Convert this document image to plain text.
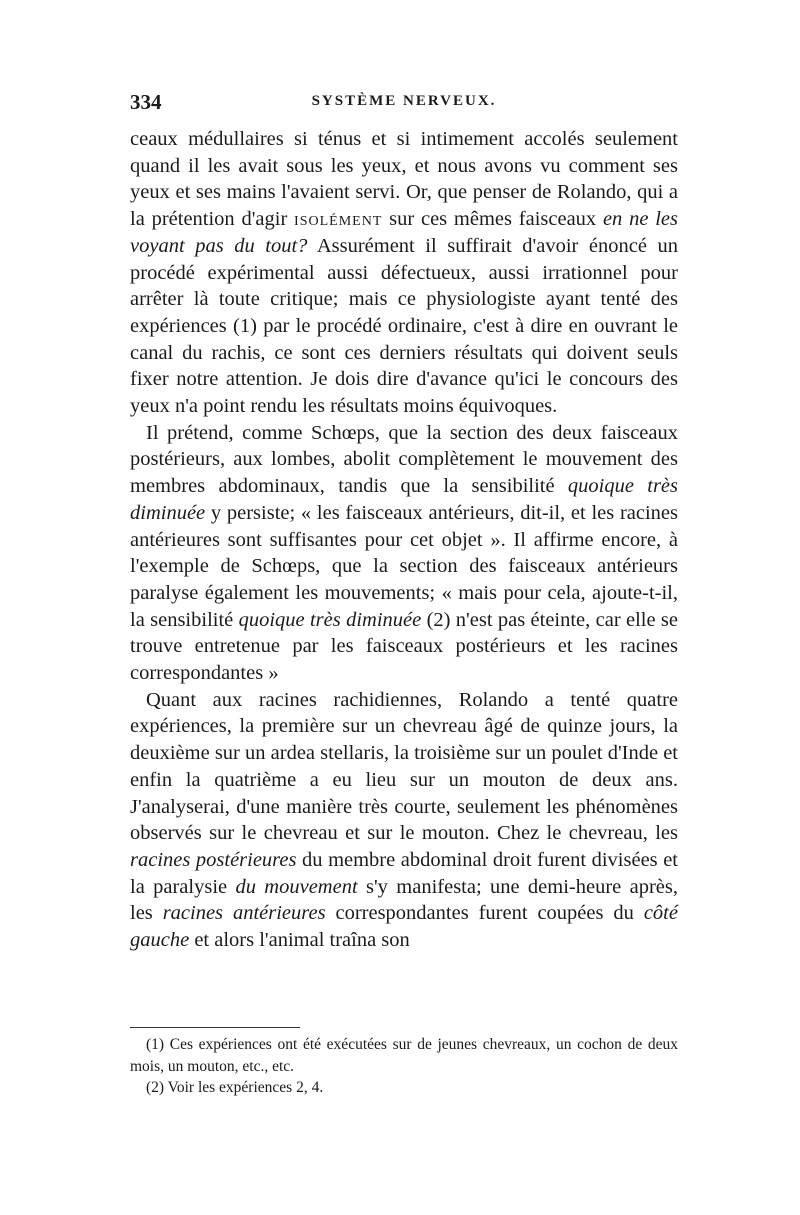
334	SYSTÈME NERVEUX.

ceaux médullaires si ténus et si intimement accolés seulement quand il les avait sous les yeux, et nous avons vu comment ses yeux et ses mains l'avaient servi. Or, que penser de Rolando, qui a la prétention d'agir isolément sur ces mêmes faisceaux en ne les voyant pas du tout? Assurément il suffirait d'avoir énoncé un procédé expérimental aussi défectueux, aussi irrationnel pour arrêter là toute critique; mais ce physiologiste ayant tenté des expériences (1) par le procédé ordinaire, c'est à dire en ouvrant le canal du rachis, ce sont ces derniers résultats qui doivent seuls fixer notre attention. Je dois dire d'avance qu'ici le concours des yeux n'a point rendu les résultats moins équivoques.

Il prétend, comme Schœps, que la section des deux faisceaux postérieurs, aux lombes, abolit complètement le mouvement des membres abdominaux, tandis que la sensibilité quoique très diminuée y persiste; « les faisceaux antérieurs, dit-il, et les racines antérieures sont suffisantes pour cet objet ». Il affirme encore, à l'exemple de Schœps, que la section des faisceaux antérieurs paralyse également les mouvements; « mais pour cela, ajoute-t-il, la sensibilité quoique très diminuée (2) n'est pas éteinte, car elle se trouve entretenue par les faisceaux postérieurs et les racines correspondantes »

Quant aux racines rachidiennes, Rolando a tenté quatre expériences, la première sur un chevreau âgé de quinze jours, la deuxième sur un ardea stellaris, la troisième sur un poulet d'Inde et enfin la quatrième a eu lieu sur un mouton de deux ans. J'analyserai, d'une manière très courte, seulement les phénomènes observés sur le chevreau et sur le mouton. Chez le chevreau, les racines postérieures du membre abdominal droit furent divisées et la paralysie du mouvement s'y manifesta; une demi-heure après, les racines antérieures correspondantes furent coupées du côté gauche et alors l'animal traîna son

(1) Ces expériences ont été exécutées sur de jeunes chevreaux, un cochon de deux mois, un mouton, etc., etc.

(2) Voir les expériences 2, 4.
